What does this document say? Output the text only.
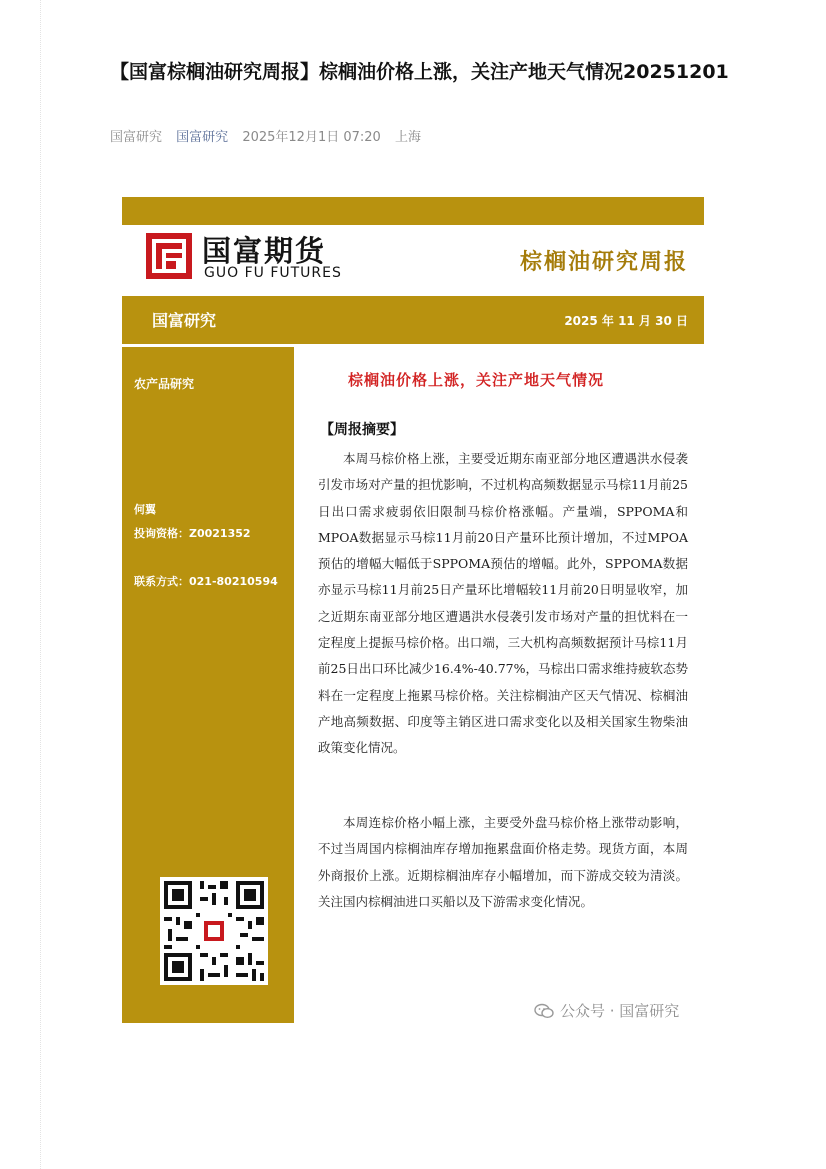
【国富棕榈油研究周报】棕榈油价格上涨，关注产地天气情况20251201
国富研究 国富研究 2025年12月1日 07:20 上海
国富期货
GUO FU FUTURES	棕榈油研究周报
国富研究	2025 年 11 月 30 日
农产品研究
何翼
投询资格：Z0021352
联系方式：021-80210594
棕榈油价格上涨，关注产地天气情况
【周报摘要】

本周马棕价格上涨，主要受近期东南亚部分地区遭遇洪水侵袭引发市场对产量的担忧影响，不过机构高频数据显示马棕11月前25日出口需求疲弱依旧限制马棕价格涨幅。产量端，SPPOMA和MPOA数据显示马棕11月前20日产量环比预计增加，不过MPOA预估的增幅大幅低于SPPOMA预估的增幅。此外，SPPOMA数据亦显示马棕11月前25日产量环比增幅较11月前20日明显收窄，加之近期东南亚部分地区遭遇洪水侵袭引发市场对产量的担忧料在一定程度上提振马棕价格。出口端，三大机构高频数据预计马棕11月前25日出口环比减少16.4%-40.77%，马棕出口需求维持疲软态势料在一定程度上拖累马棕价格。关注棕榈油产区天气情况、棕榈油产地高频数据、印度等主销区进口需求变化以及相关国家生物柴油政策变化情况。

本周连棕价格小幅上涨，主要受外盘马棕价格上涨带动影响，不过当周国内棕榈油库存增加拖累盘面价格走势。现货方面，本周外商报价上涨。近期棕榈油库存小幅增加，而下游成交较为清淡。关注国内棕榈油进口买船以及下游需求变化情况。

公众号 · 国富研究
